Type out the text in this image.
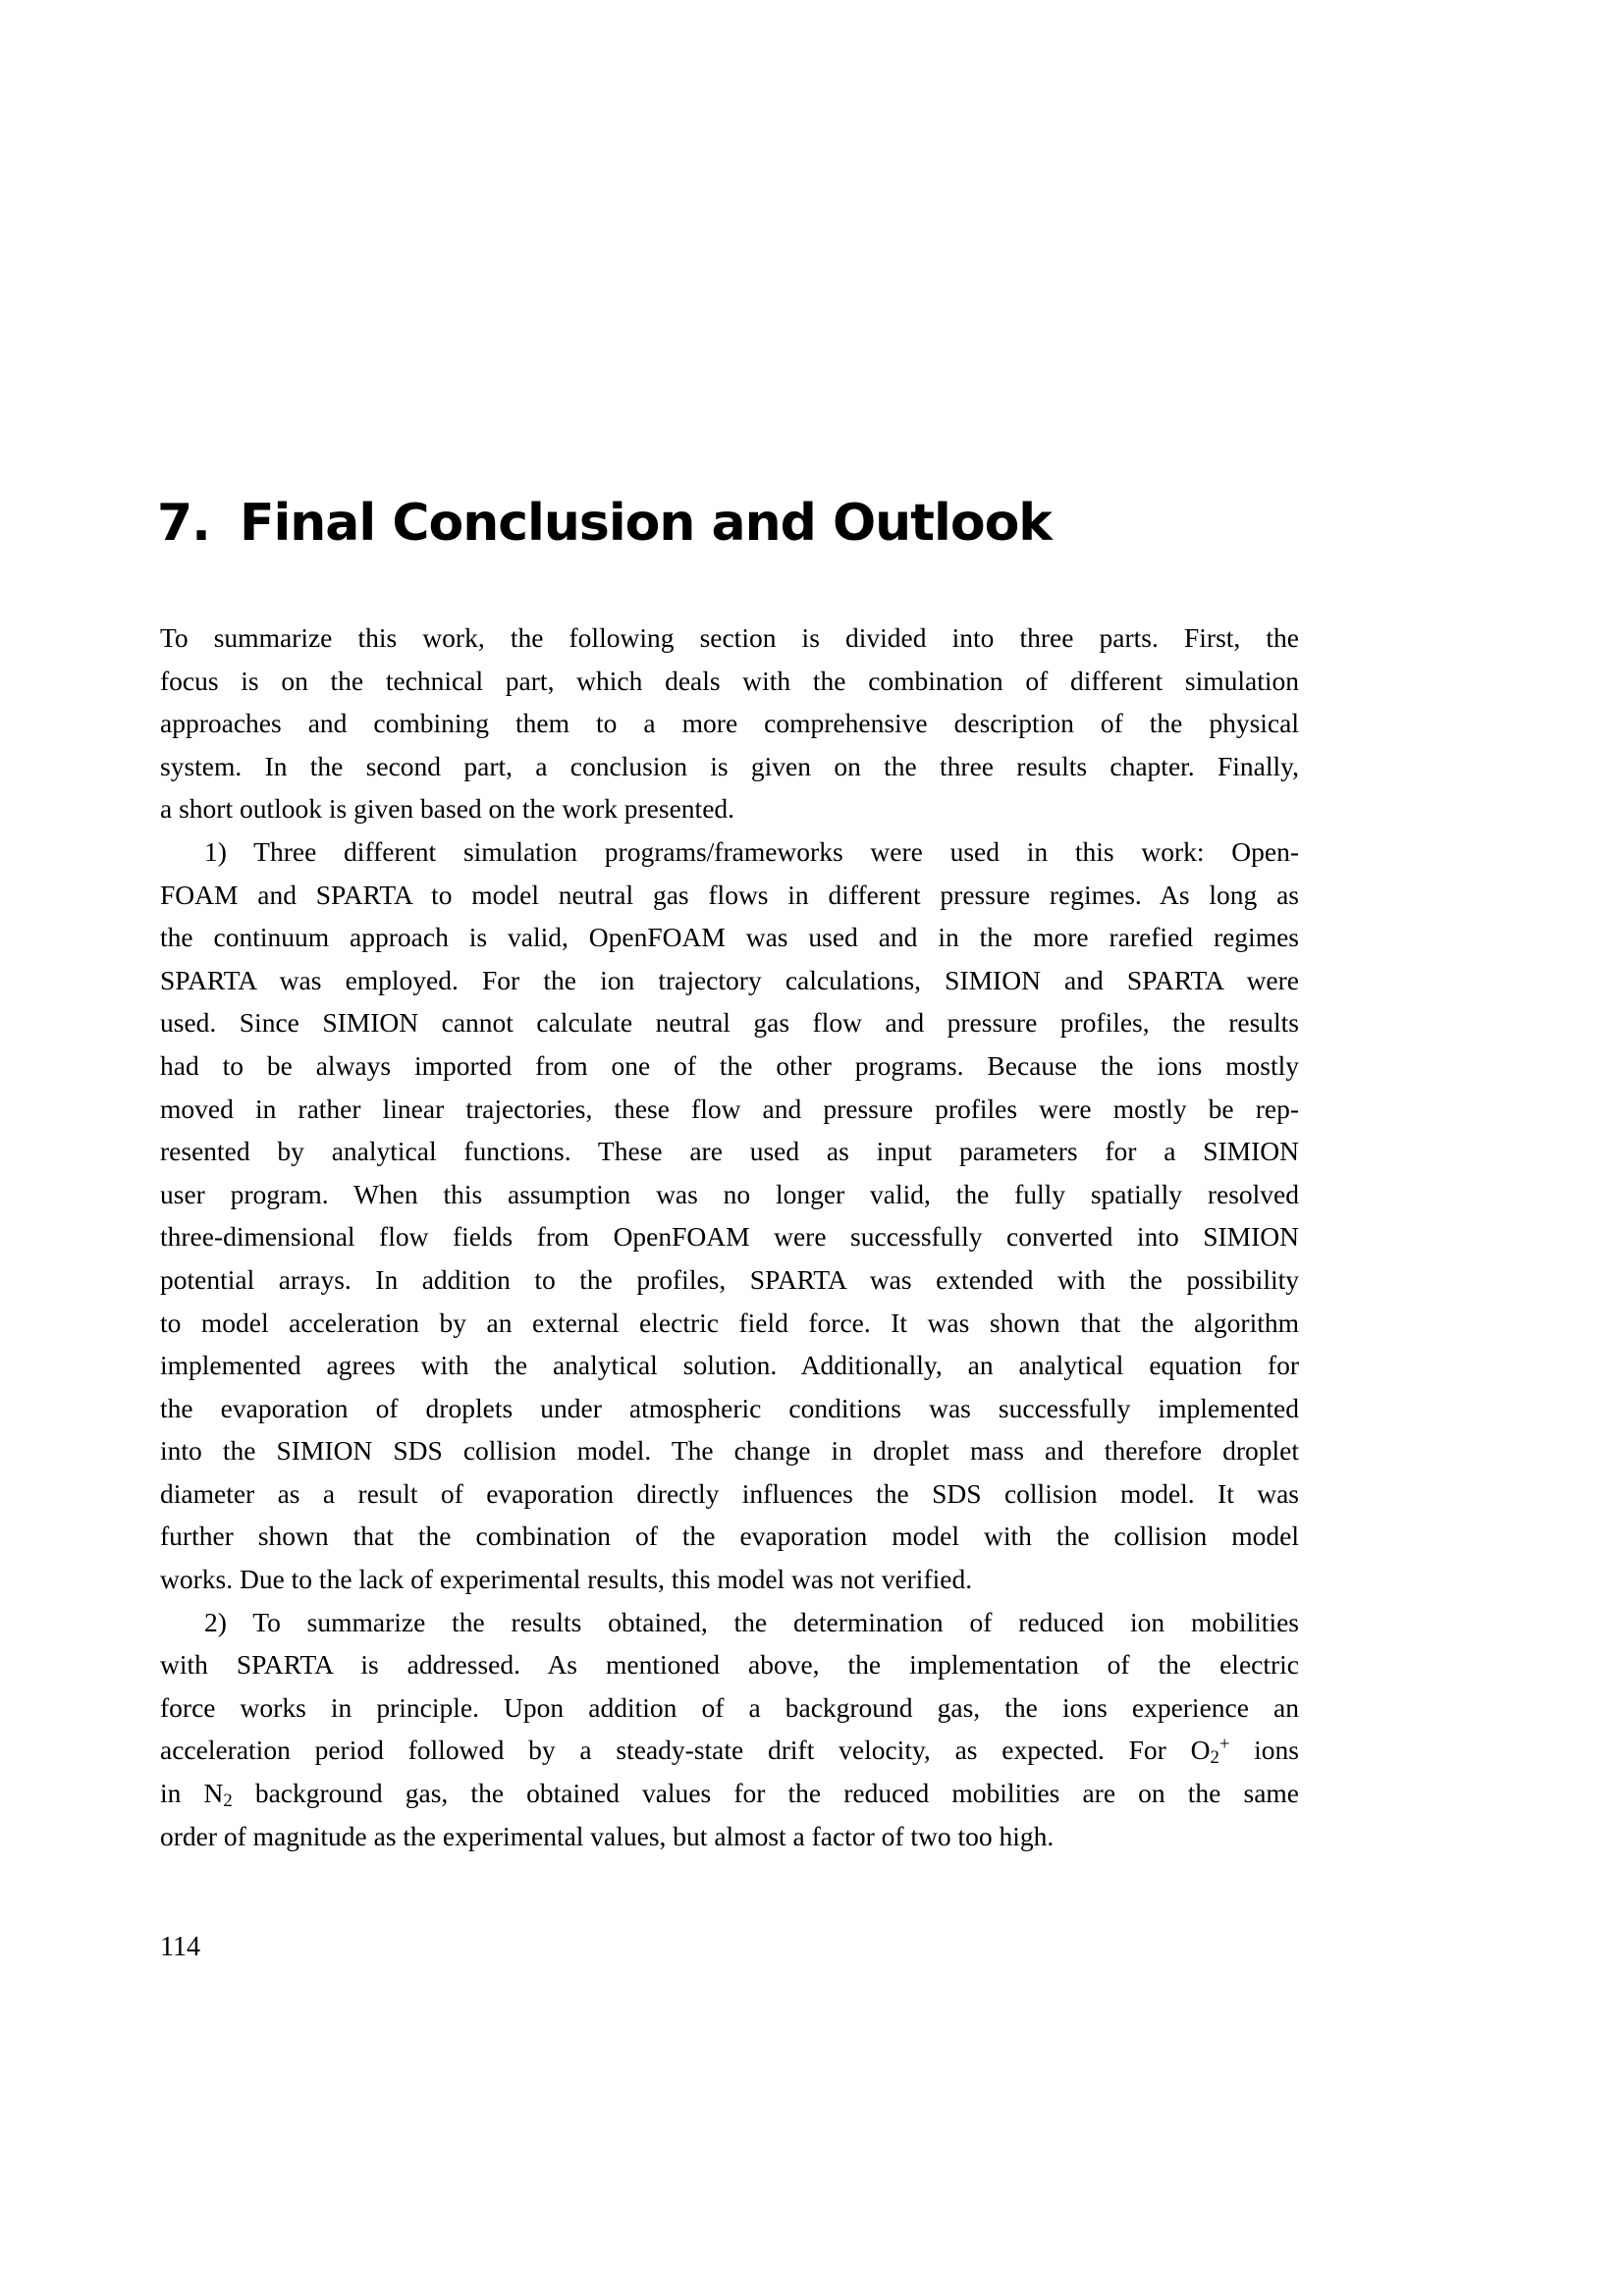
7. Final Conclusion and Outlook
To summarize this work, the following section is divided into three parts. First, the
focus is on the technical part, which deals with the combination of different simulation
approaches and combining them to a more comprehensive description of the physical
system. In the second part, a conclusion is given on the three results chapter. Finally,
a short outlook is given based on the work presented.
1) Three different simulation programs/frameworks were used in this work: Open-
FOAM and SPARTA to model neutral gas flows in different pressure regimes. As long as
the continuum approach is valid, OpenFOAM was used and in the more rarefied regimes
SPARTA was employed. For the ion trajectory calculations, SIMION and SPARTA were
used. Since SIMION cannot calculate neutral gas flow and pressure profiles, the results
had to be always imported from one of the other programs. Because the ions mostly
moved in rather linear trajectories, these flow and pressure profiles were mostly be rep-
resented by analytical functions. These are used as input parameters for a SIMION
user program. When this assumption was no longer valid, the fully spatially resolved
three-dimensional flow fields from OpenFOAM were successfully converted into SIMION
potential arrays. In addition to the profiles, SPARTA was extended with the possibility
to model acceleration by an external electric field force. It was shown that the algorithm
implemented agrees with the analytical solution. Additionally, an analytical equation for
the evaporation of droplets under atmospheric conditions was successfully implemented
into the SIMION SDS collision model. The change in droplet mass and therefore droplet
diameter as a result of evaporation directly influences the SDS collision model. It was
further shown that the combination of the evaporation model with the collision model
works. Due to the lack of experimental results, this model was not verified.
2) To summarize the results obtained, the determination of reduced ion mobilities
with SPARTA is addressed. As mentioned above, the implementation of the electric
force works in principle. Upon addition of a background gas, the ions experience an
acceleration period followed by a steady-state drift velocity, as expected. For $O_2^+$ ions
in $N_2$ background gas, the obtained values for the reduced mobilities are on the same
order of magnitude as the experimental values, but almost a factor of two too high.
114
